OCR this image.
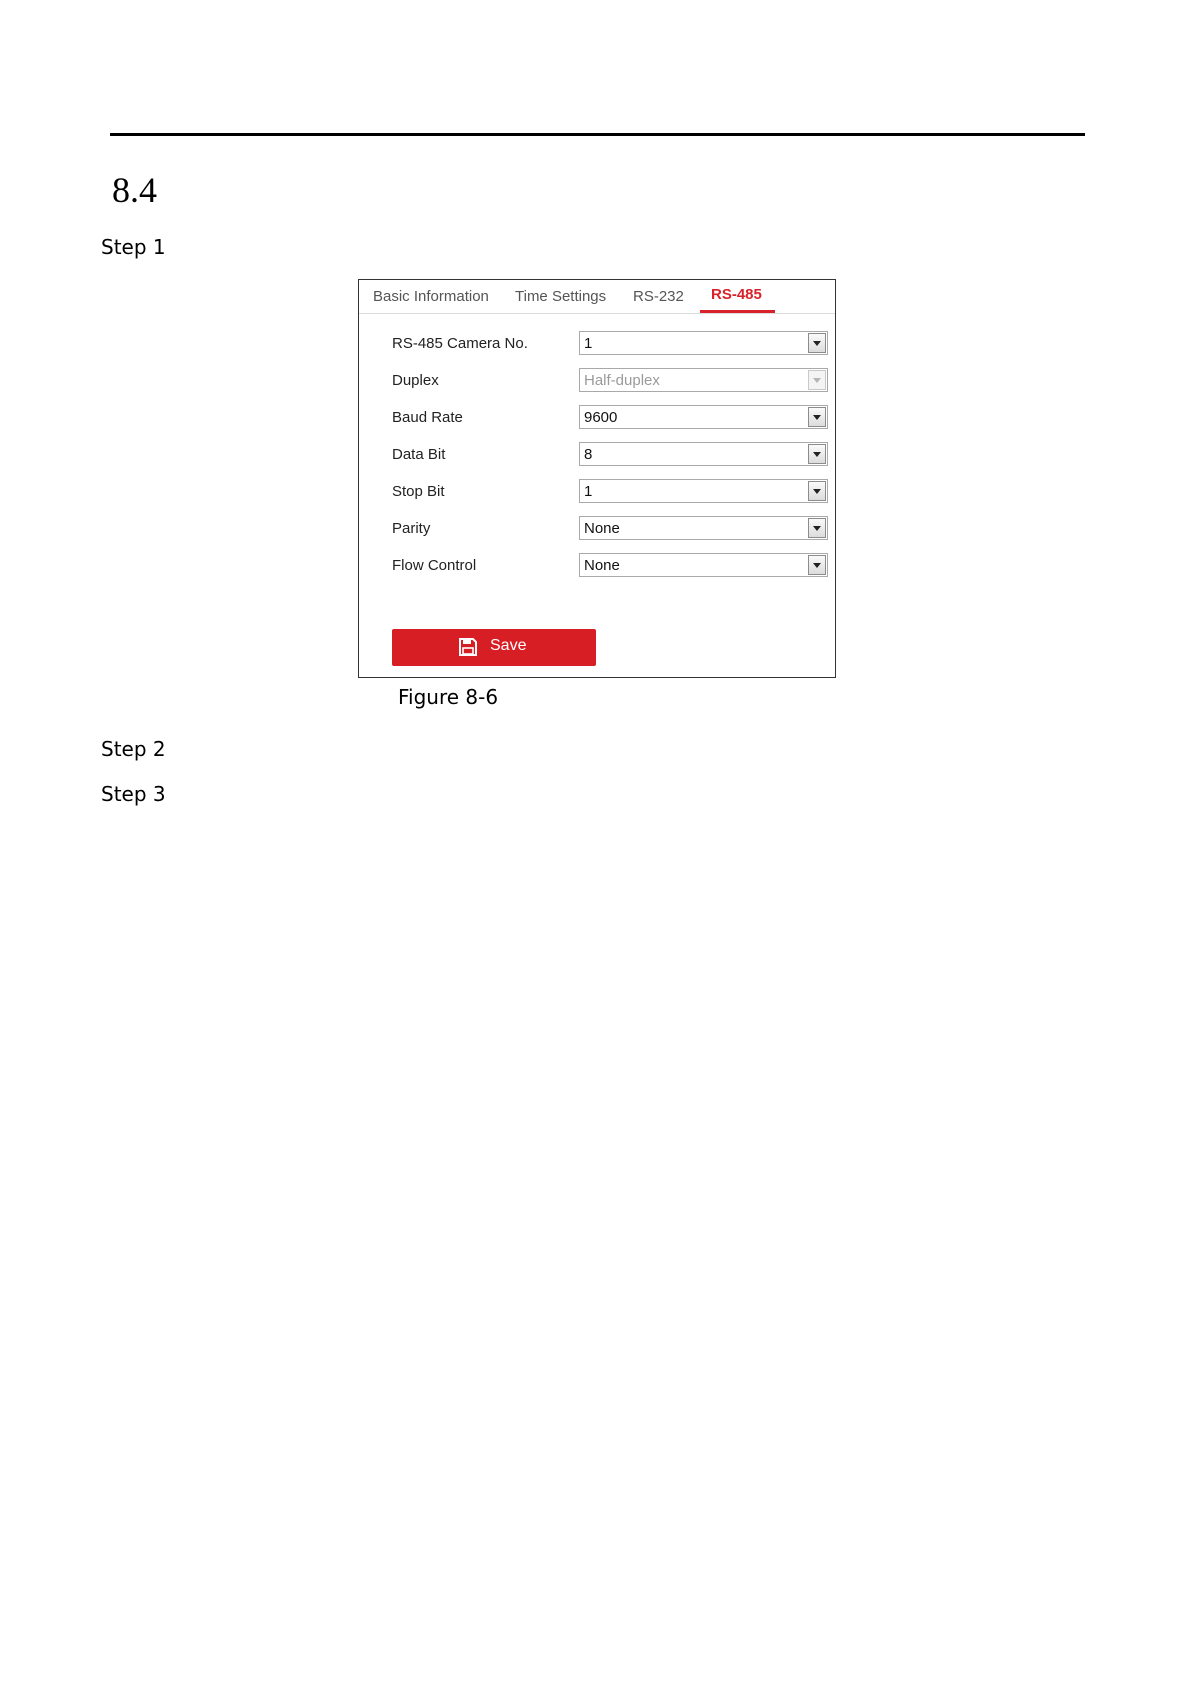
8.4
Step 1
Basic Information Time Settings RS-232 RS-485
RS-485 Camera No.	1
Duplex	Half-duplex
Baud Rate	9600
Data Bit	8
Stop Bit	1
Parity	None
Flow Control	None
Save
Figure 8-6
Step 2
Step 3
